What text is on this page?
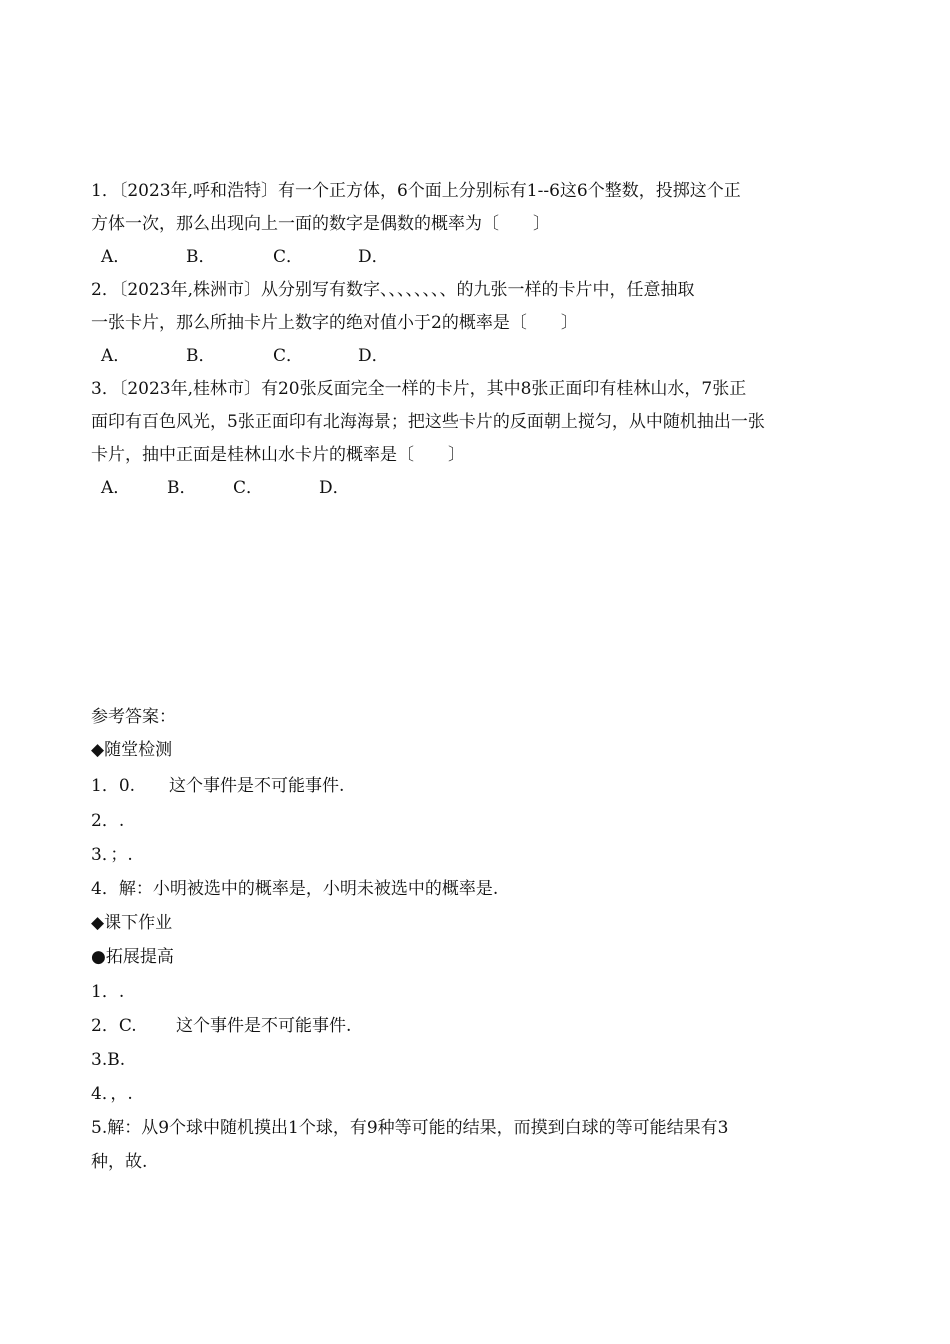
1．〔2023年,呼和浩特〕有一个正方体，6个面上分别标有1--6这6个整数，投掷这个正
方体一次，那么出现向上一面的数字是偶数的概率为〔　　〕
A．	B．	C．	D．
2．〔2023年,株洲市〕从分别写有数字、、、、、、、、的九张一样的卡片中，任意抽取
一张卡片，那么所抽卡片上数字的绝对值小于2的概率是〔　　〕
A．	B．	C．	D．
3．〔2023年,桂林市〕有20张反面完全一样的卡片，其中8张正面印有桂林山水，7张正
面印有百色风光，5张正面印有北海海景；把这些卡片的反面朝上搅匀，从中随机抽出一张
卡片，抽中正面是桂林山水卡片的概率是〔　　〕
A． B． C．	D．
参考答案：
◆随堂检测
1．0.　　这个事件是不可能事件.
2．.
3．；.
4．解：小明被选中的概率是，小明未被选中的概率是.
◆课下作业
●拓展提高
1．.
2．C.　　 这个事件是不可能事件.
3.B.
4．，.
5.解：从9个球中随机摸出1个球，有9种等可能的结果，而摸到白球的等可能结果有3
种，故.
